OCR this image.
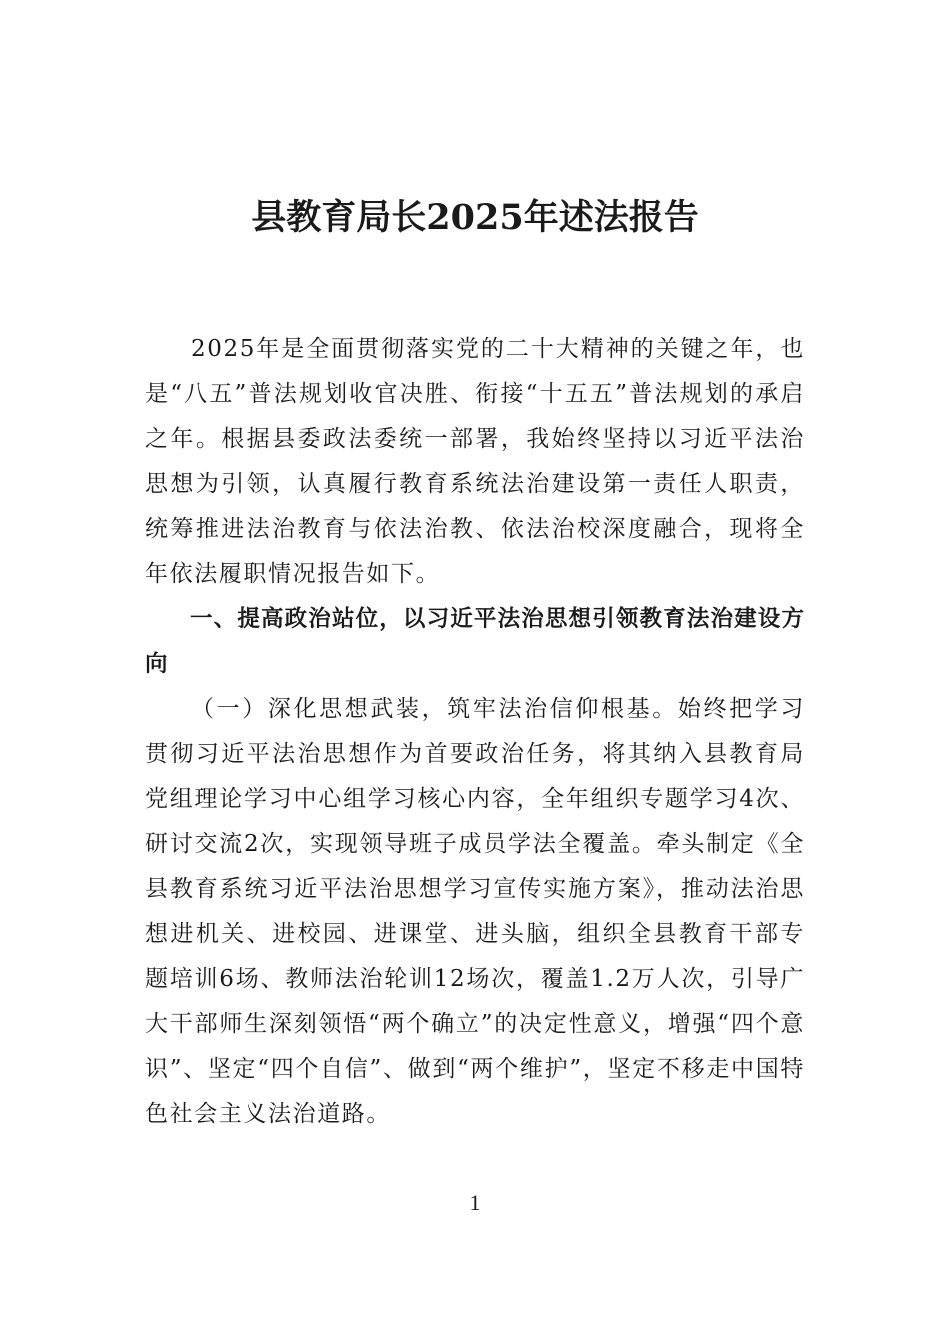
县教育局长2025年述法报告

2025年是全面贯彻落实党的二十大精神的关键之年，也是“八五”普法规划收官决胜、衔接“十五五”普法规划的承启之年。根据县委政法委统一部署，我始终坚持以习近平法治思想为引领，认真履行教育系统法治建设第一责任人职责，统筹推进法治教育与依法治教、依法治校深度融合，现将全年依法履职情况报告如下。

一、提高政治站位，以习近平法治思想引领教育法治建设方向

（一）深化思想武装，筑牢法治信仰根基。始终把学习贯彻习近平法治思想作为首要政治任务，将其纳入县教育局党组理论学习中心组学习核心内容，全年组织专题学习4次、研讨交流2次，实现领导班子成员学法全覆盖。牵头制定《全县教育系统习近平法治思想学习宣传实施方案》，推动法治思想进机关、进校园、进课堂、进头脑，组织全县教育干部专题培训6场、教师法治轮训12场次，覆盖1.2万人次，引导广大干部师生深刻领悟“两个确立”的决定性意义，增强“四个意识”、坚定“四个自信”、做到“两个维护”，坚定不移走中国特色社会主义法治道路。

1
